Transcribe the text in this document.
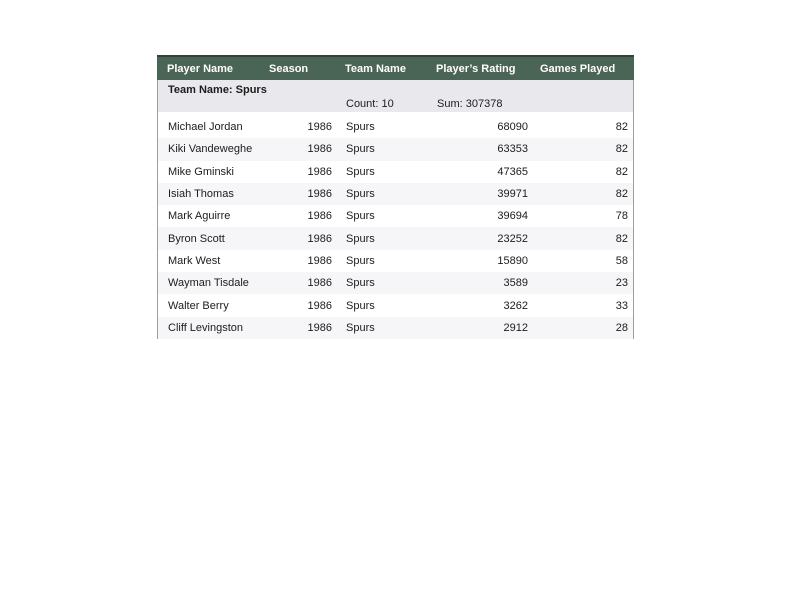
Player Name	Season	Team Name	Player’s Rating	Games Played
Team Name: Spurs
Count: 10	Sum: 307378
Michael Jordan	1986	Spurs	68090	82
Kiki Vandeweghe	1986	Spurs	63353	82
Mike Gminski	1986	Spurs	47365	82
Isiah Thomas	1986	Spurs	39971	82
Mark Aguirre	1986	Spurs	39694	78
Byron Scott	1986	Spurs	23252	82
Mark West	1986	Spurs	15890	58
Wayman Tisdale	1986	Spurs	3589	23
Walter Berry	1986	Spurs	3262	33
Cliff Levingston	1986	Spurs	2912	28
